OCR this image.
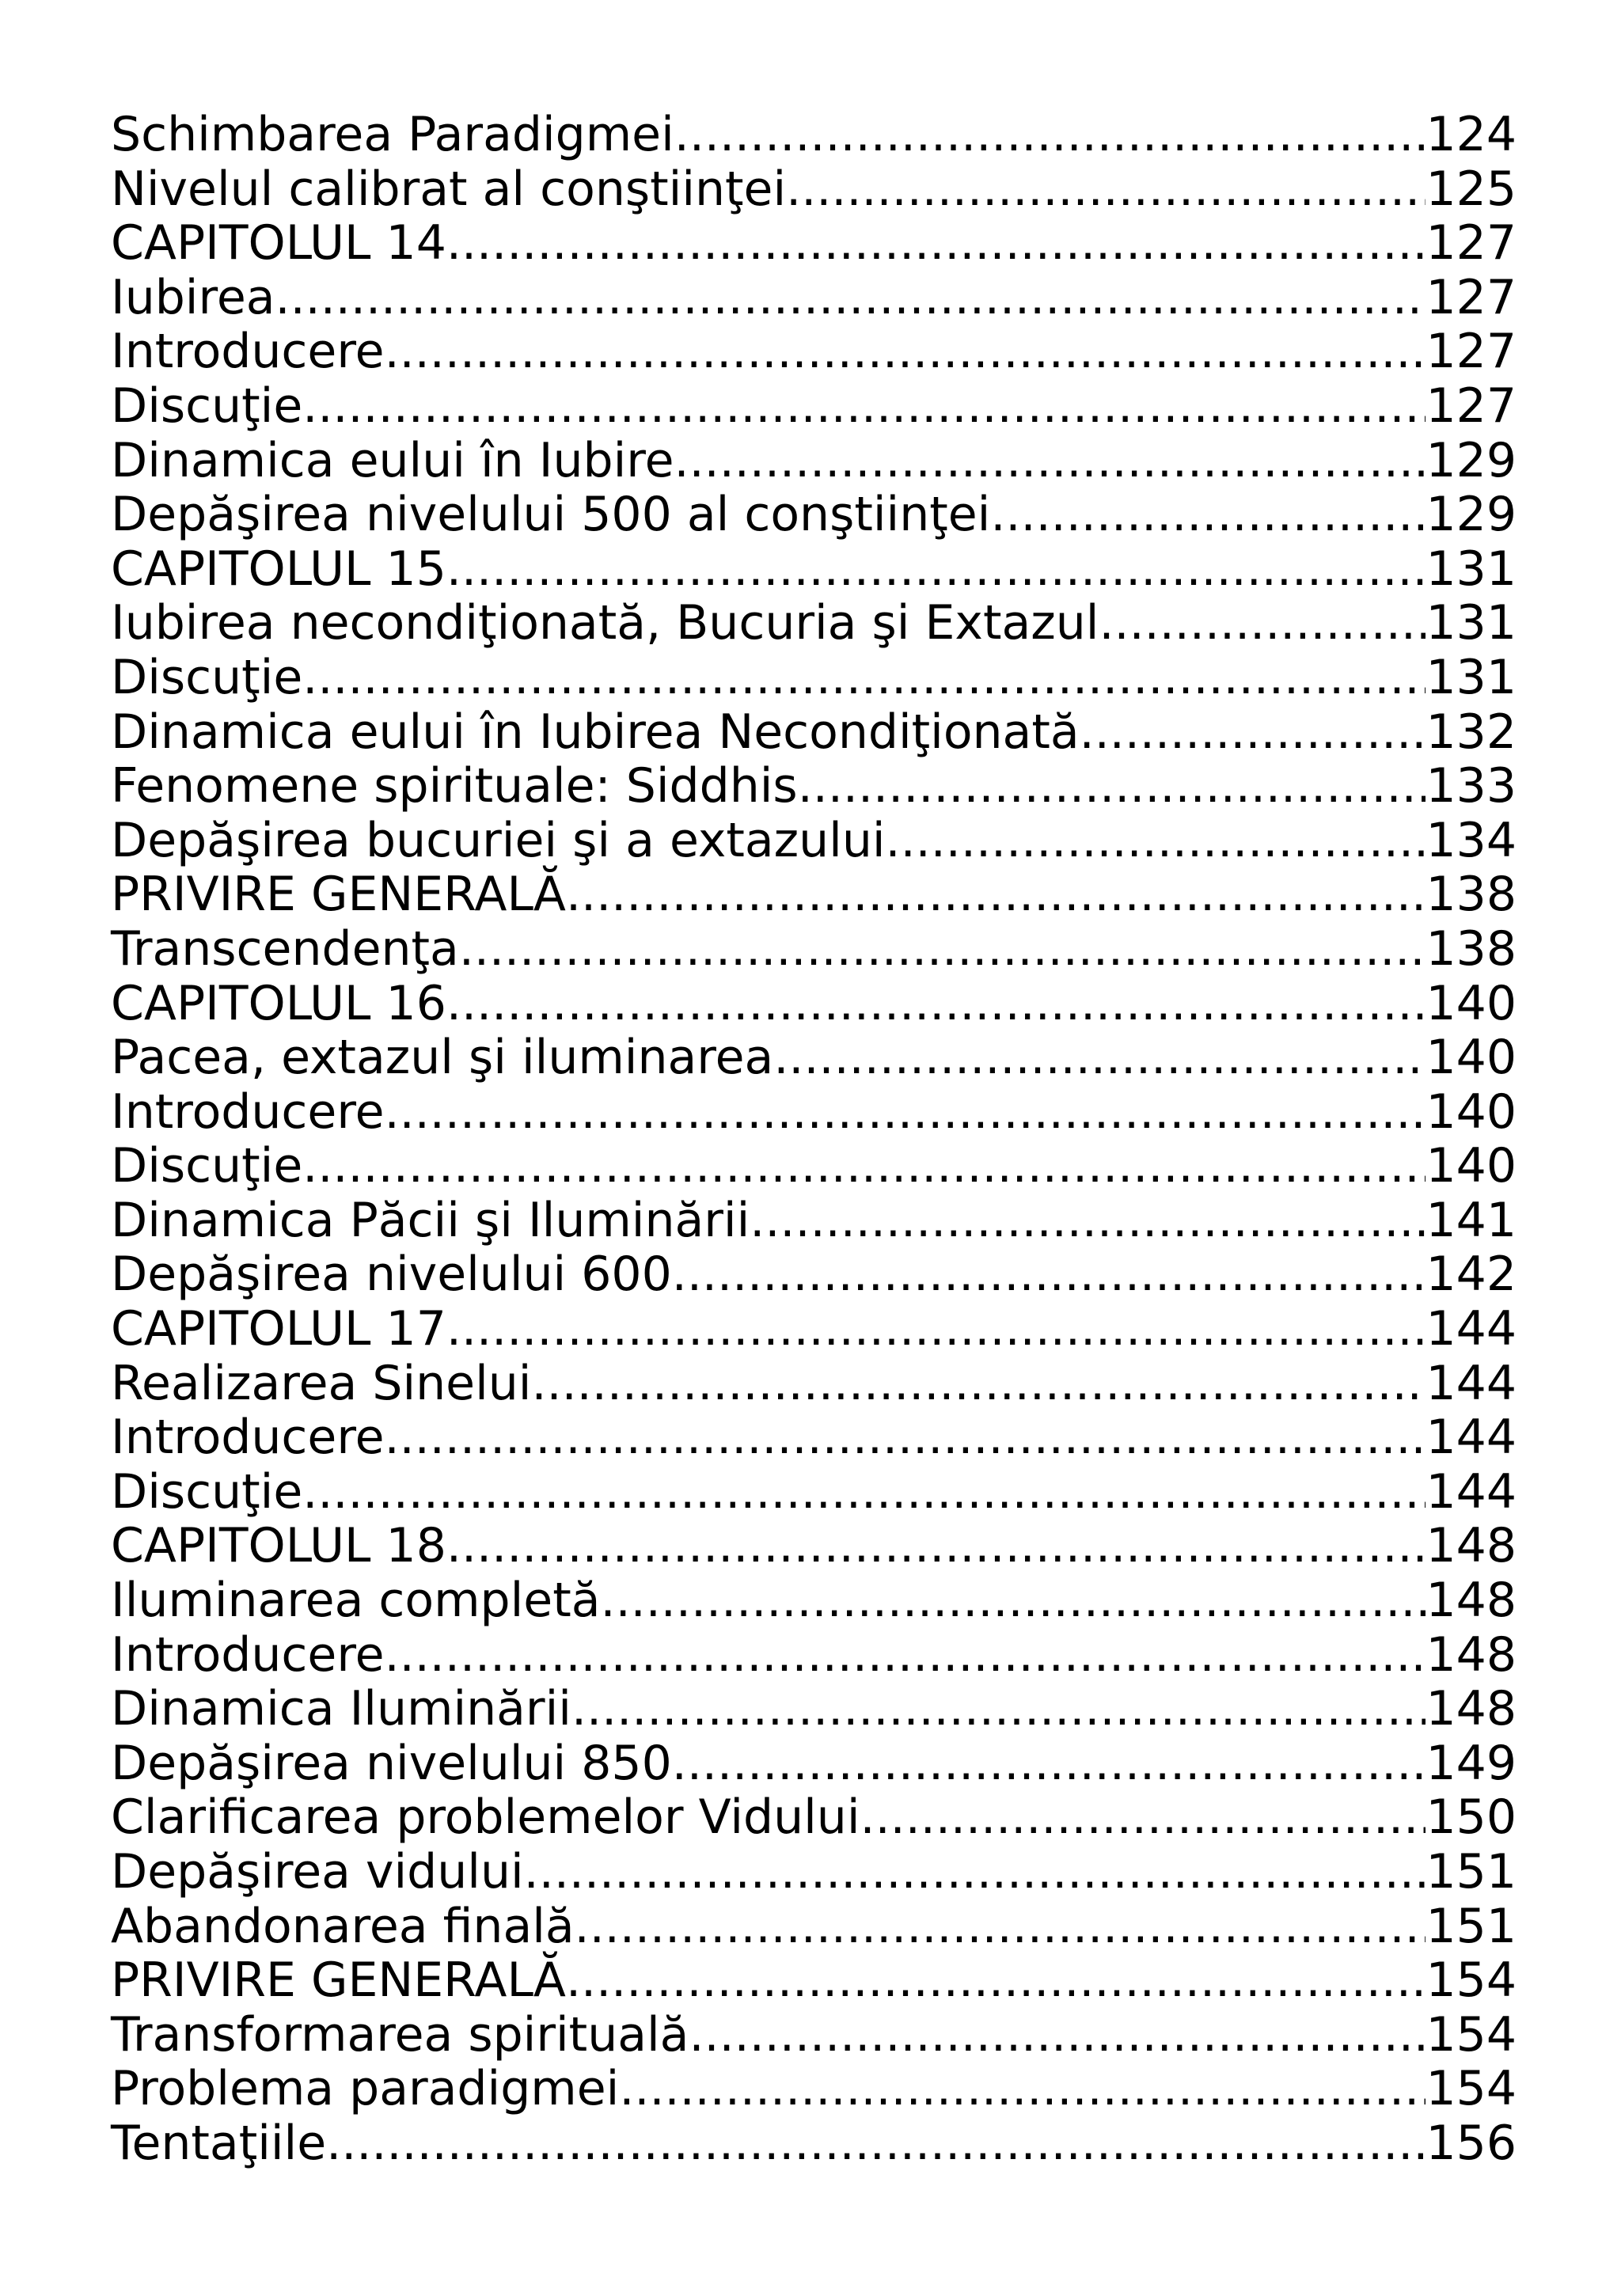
Schimbarea Paradigmei .....	124
Nivelul calibrat al conştiinţei .....	125
CAPITOLUL 14 .....	127
Iubirea .....	127
Introducere .....	127
Discuţie .....	127
Dinamica eului în Iubire .....	129
Depăşirea nivelului 500 al conştiinţei .....	129
CAPITOLUL 15 .....	131
Iubirea necondiţionată, Bucuria şi Extazul .....	131
Discuţie .....	131
Dinamica eului în Iubirea Necondiţionată .....	132
Fenomene spirituale: Siddhis .....	133
Depăşirea bucuriei şi a extazului .....	134
PRIVIRE GENERALĂ .....	138
Transcendenţa .....	138
CAPITOLUL 16 .....	140
Pacea, extazul şi iluminarea .....	140
Introducere .....	140
Discuţie .....	140
Dinamica Păcii şi Iluminării .....	141
Depăşirea nivelului 600 .....	142
CAPITOLUL 17 .....	144
Realizarea Sinelui .....	144
Introducere .....	144
Discuţie .....	144
CAPITOLUL 18 .....	148
Iluminarea completă .....	148
Introducere .....	148
Dinamica Iluminării .....	148
Depăşirea nivelului 850 .....	149
Clarificarea problemelor Vidului .....	150
Depăşirea vidului .....	151
Abandonarea finală .....	151
PRIVIRE GENERALĂ .....	154
Transformarea spirituală .....	154
Problema paradigmei .....	154
Tentaţiile .....	156
